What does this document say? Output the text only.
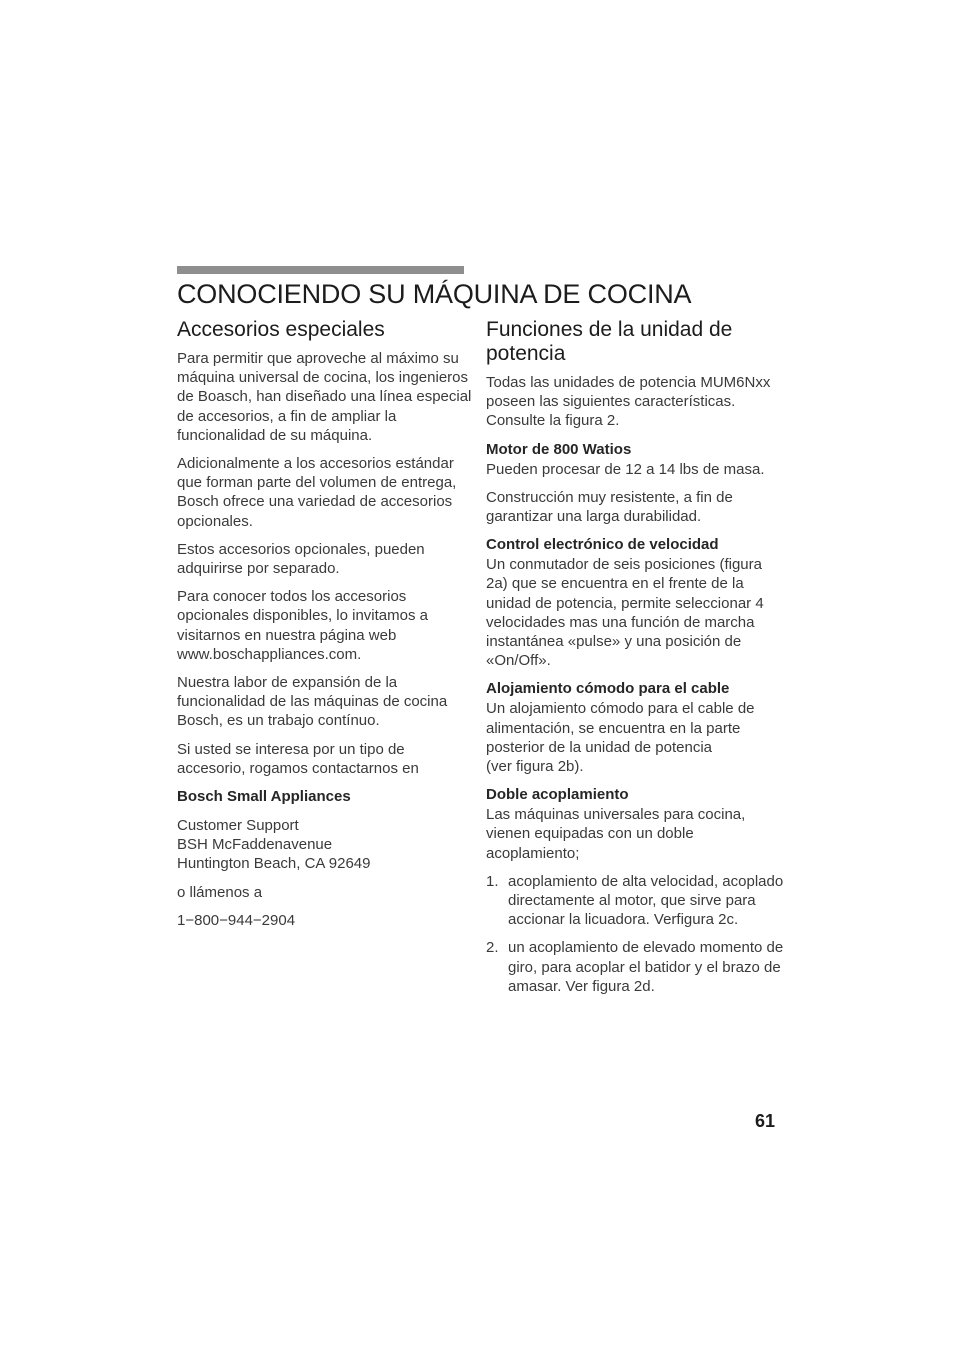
CONOCIENDO SU MÁQUINA DE COCINA
Accesorios especiales

Para permitir que aproveche al máximo su máquina universal de cocina, los ingenieros de Boasch, han diseñado una línea especial de accesorios, a fin de ampliar la funcionalidad de su máquina.

Adicionalmente a los accesorios estándar que forman parte del volumen de entrega, Bosch ofrece una variedad de accesorios opcionales.

Estos accesorios opcionales, pueden adquirirse por separado.

Para conocer todos los accesorios opcionales disponibles, lo invitamos a visitarnos en nuestra página web www.boschappliances.com.

Nuestra labor de expansión de la funcionalidad de las máquinas de cocina Bosch, es un trabajo contínuo.

Si usted se interesa por un tipo de accesorio, rogamos contactarnos en

Bosch Small Appliances

Customer Support
BSH McFaddenavenue
Huntington Beach, CA 92649

o llámenos a

1−800−944−2904

Funciones de la unidad de potencia

Todas las unidades de potencia MUM6Nxx poseen las siguientes características. Consulte la figura 2.

Motor de 800 Watios

Pueden procesar de 12 a 14 lbs de masa.

Construcción muy resistente, a fin de garantizar una larga durabilidad.

Control electrónico de velocidad

Un conmutador de seis posiciones (figura 2a) que se encuentra en el frente de la unidad de potencia, permite seleccionar 4 velocidades mas una función de marcha instantánea «pulse» y una posición de «On/Off».

Alojamiento cómodo para el cable

Un alojamiento cómodo para el cable de alimentación, se encuentra en la parte posterior de la unidad de potencia
(ver figura 2b).

Doble acoplamiento

Las máquinas universales para cocina, vienen equipadas con un doble acoplamiento;

1. acoplamiento de alta velocidad, acoplado directamente al motor, que sirve para accionar la licuadora. Verfigura 2c.
2. un acoplamiento de elevado momento de giro, para acoplar el batidor y el brazo de amasar. Ver figura 2d.
61
